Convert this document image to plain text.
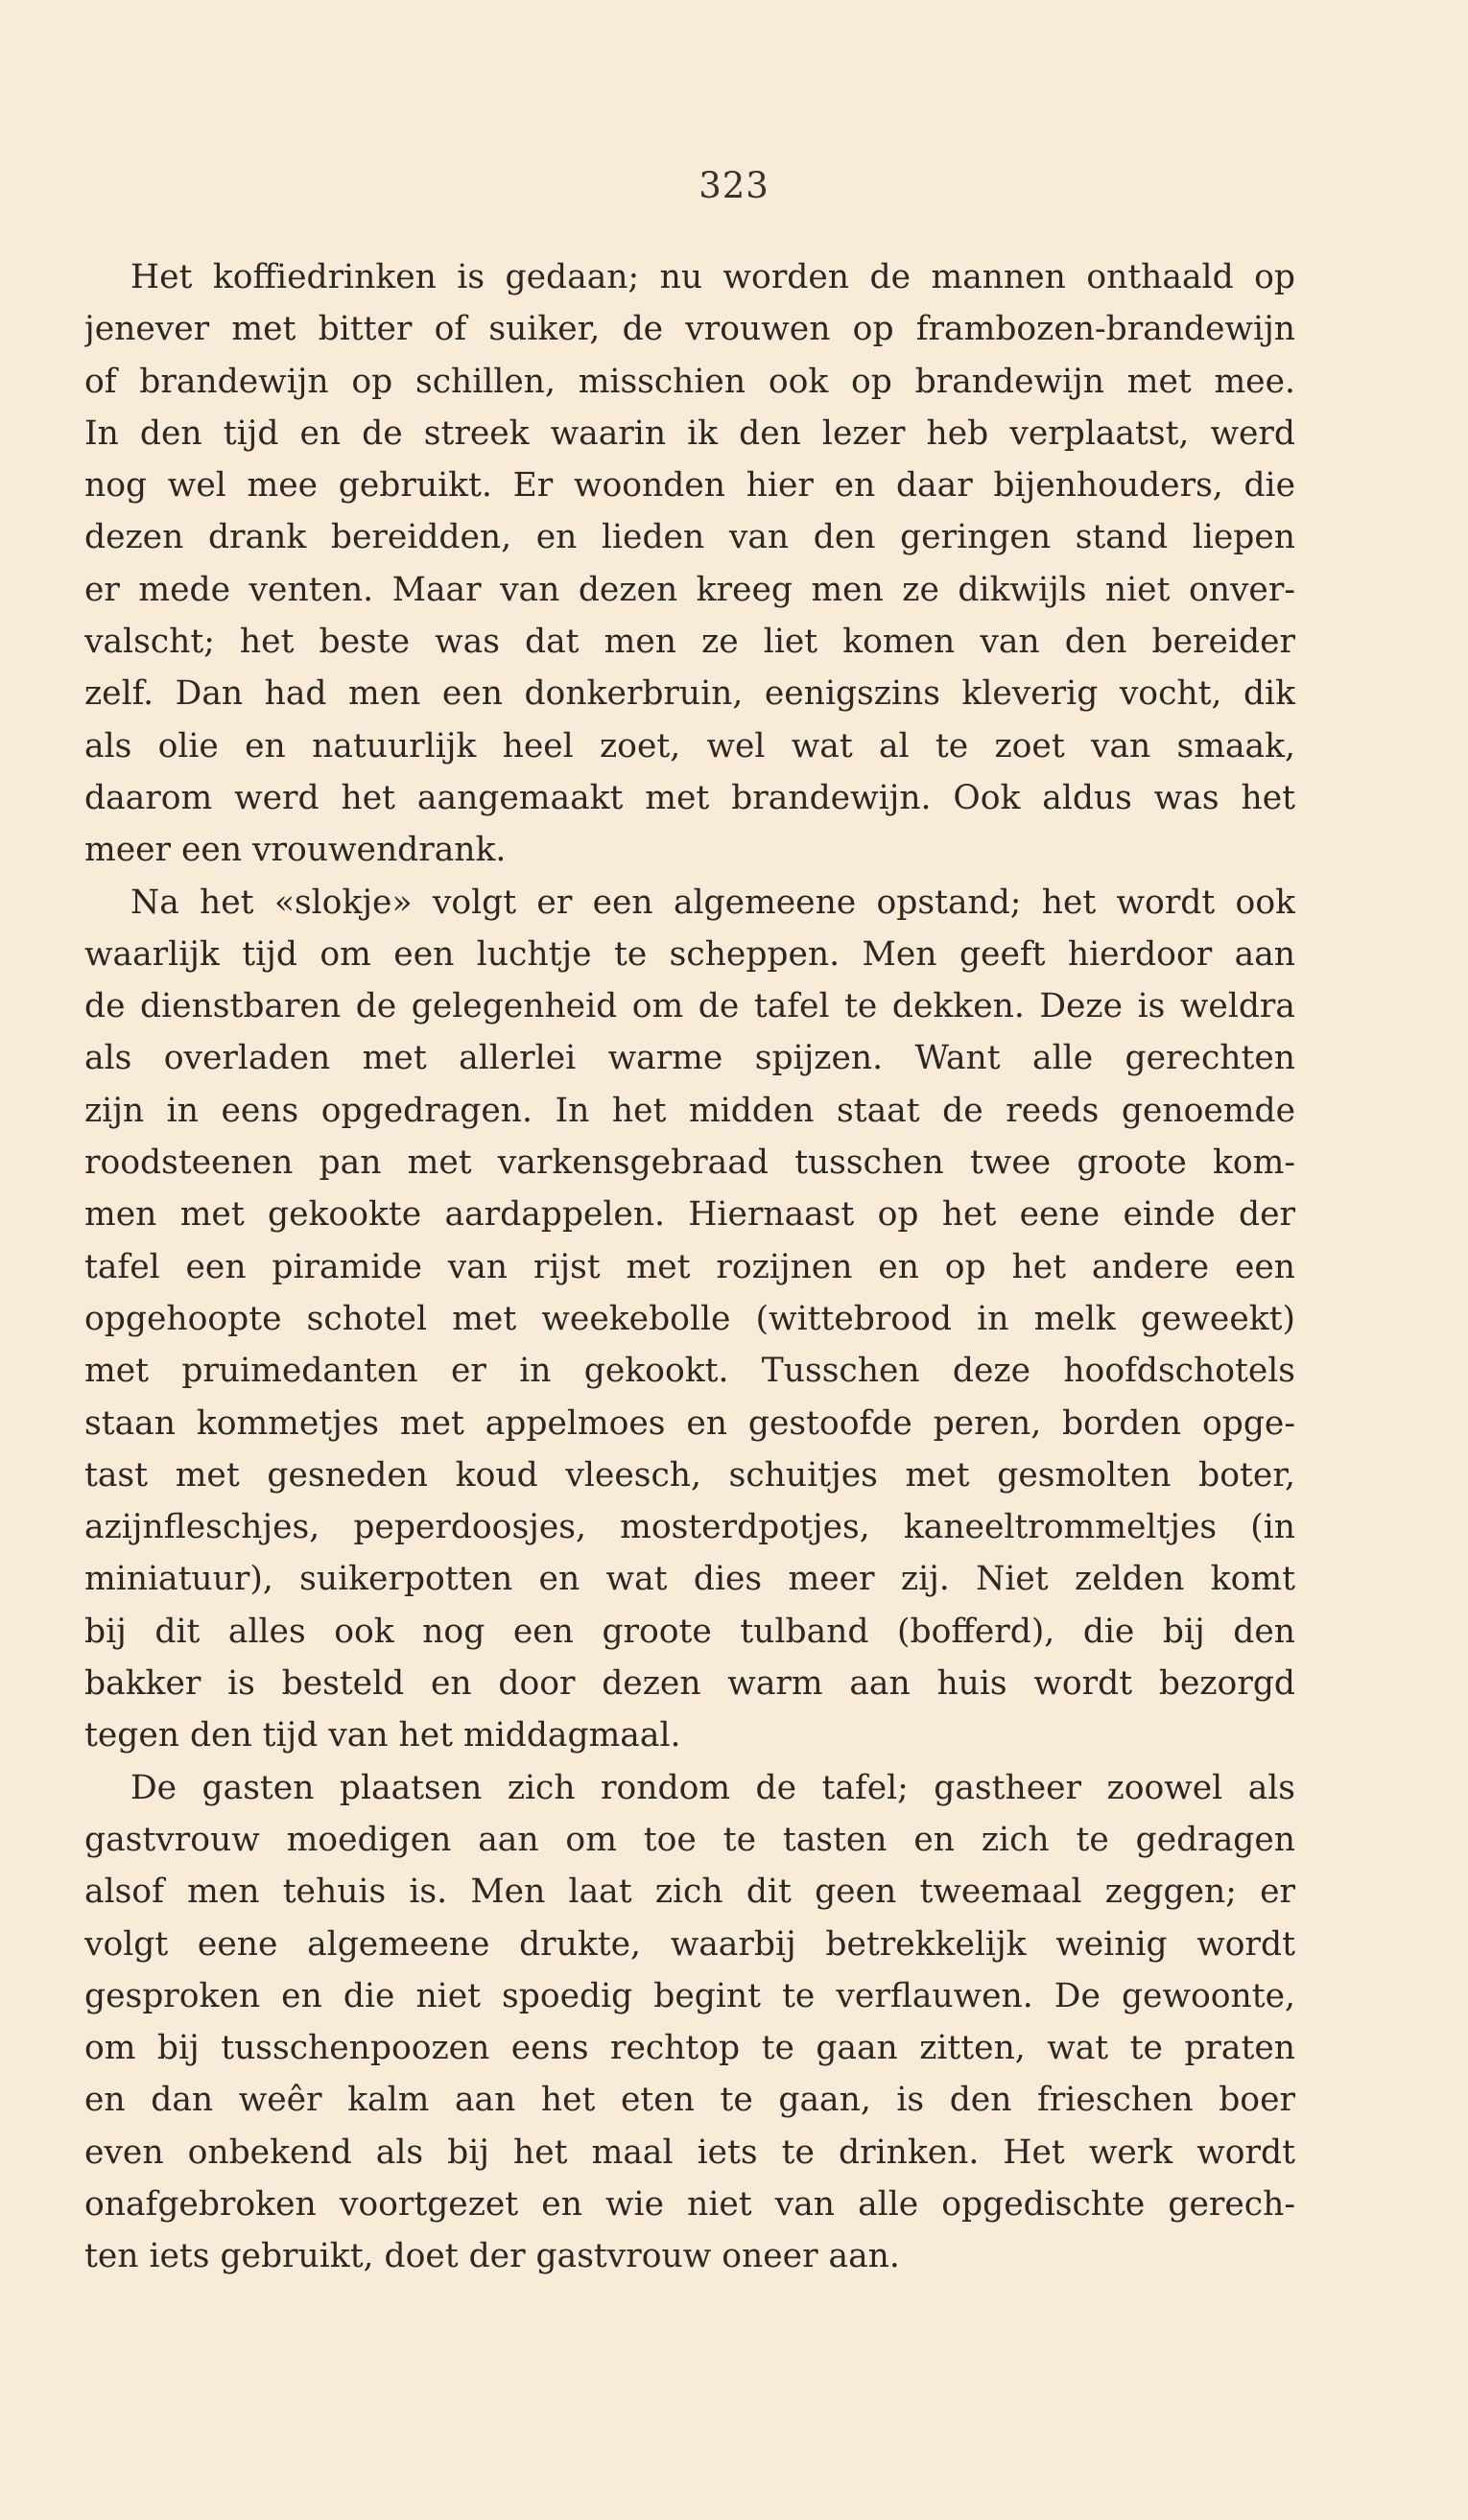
323
Het koffiedrinken is gedaan; nu worden de mannen onthaald op
jenever met bitter of suiker, de vrouwen op frambozen-brandewijn
of brandewijn op schillen, misschien ook op brandewijn met mee.
In den tijd en de streek waarin ik den lezer heb verplaatst, werd
nog wel mee gebruikt. Er woonden hier en daar bijenhouders, die
dezen drank bereidden, en lieden van den geringen stand liepen
er mede venten. Maar van dezen kreeg men ze dikwijls niet onver-
valscht; het beste was dat men ze liet komen van den bereider
zelf. Dan had men een donkerbruin, eenigszins kleverig vocht, dik
als olie en natuurlijk heel zoet, wel wat al te zoet van smaak,
daarom werd het aangemaakt met brandewijn. Ook aldus was het
meer een vrouwendrank.
Na het «slokje» volgt er een algemeene opstand; het wordt ook
waarlijk tijd om een luchtje te scheppen. Men geeft hierdoor aan
de dienstbaren de gelegenheid om de tafel te dekken. Deze is weldra
als overladen met allerlei warme spijzen. Want alle gerechten
zijn in eens opgedragen. In het midden staat de reeds genoemde
roodsteenen pan met varkensgebraad tusschen twee groote kom-
men met gekookte aardappelen. Hiernaast op het eene einde der
tafel een piramide van rijst met rozijnen en op het andere een
opgehoopte schotel met weekebolle (wittebrood in melk geweekt)
met pruimedanten er in gekookt. Tusschen deze hoofdschotels
staan kommetjes met appelmoes en gestoofde peren, borden opge-
tast met gesneden koud vleesch, schuitjes met gesmolten boter,
azijnfleschjes, peperdoosjes, mosterdpotjes, kaneeltrommeltjes (in
miniatuur), suikerpotten en wat dies meer zij. Niet zelden komt
bij dit alles ook nog een groote tulband (bofferd), die bij den
bakker is besteld en door dezen warm aan huis wordt bezorgd
tegen den tijd van het middagmaal.
De gasten plaatsen zich rondom de tafel; gastheer zoowel als
gastvrouw moedigen aan om toe te tasten en zich te gedragen
alsof men tehuis is. Men laat zich dit geen tweemaal zeggen; er
volgt eene algemeene drukte, waarbij betrekkelijk weinig wordt
gesproken en die niet spoedig begint te verflauwen. De gewoonte,
om bij tusschenpoozen eens rechtop te gaan zitten, wat te praten
en dan weêr kalm aan het eten te gaan, is den frieschen boer
even onbekend als bij het maal iets te drinken. Het werk wordt
onafgebroken voortgezet en wie niet van alle opgedischte gerech-
ten iets gebruikt, doet der gastvrouw oneer aan.
